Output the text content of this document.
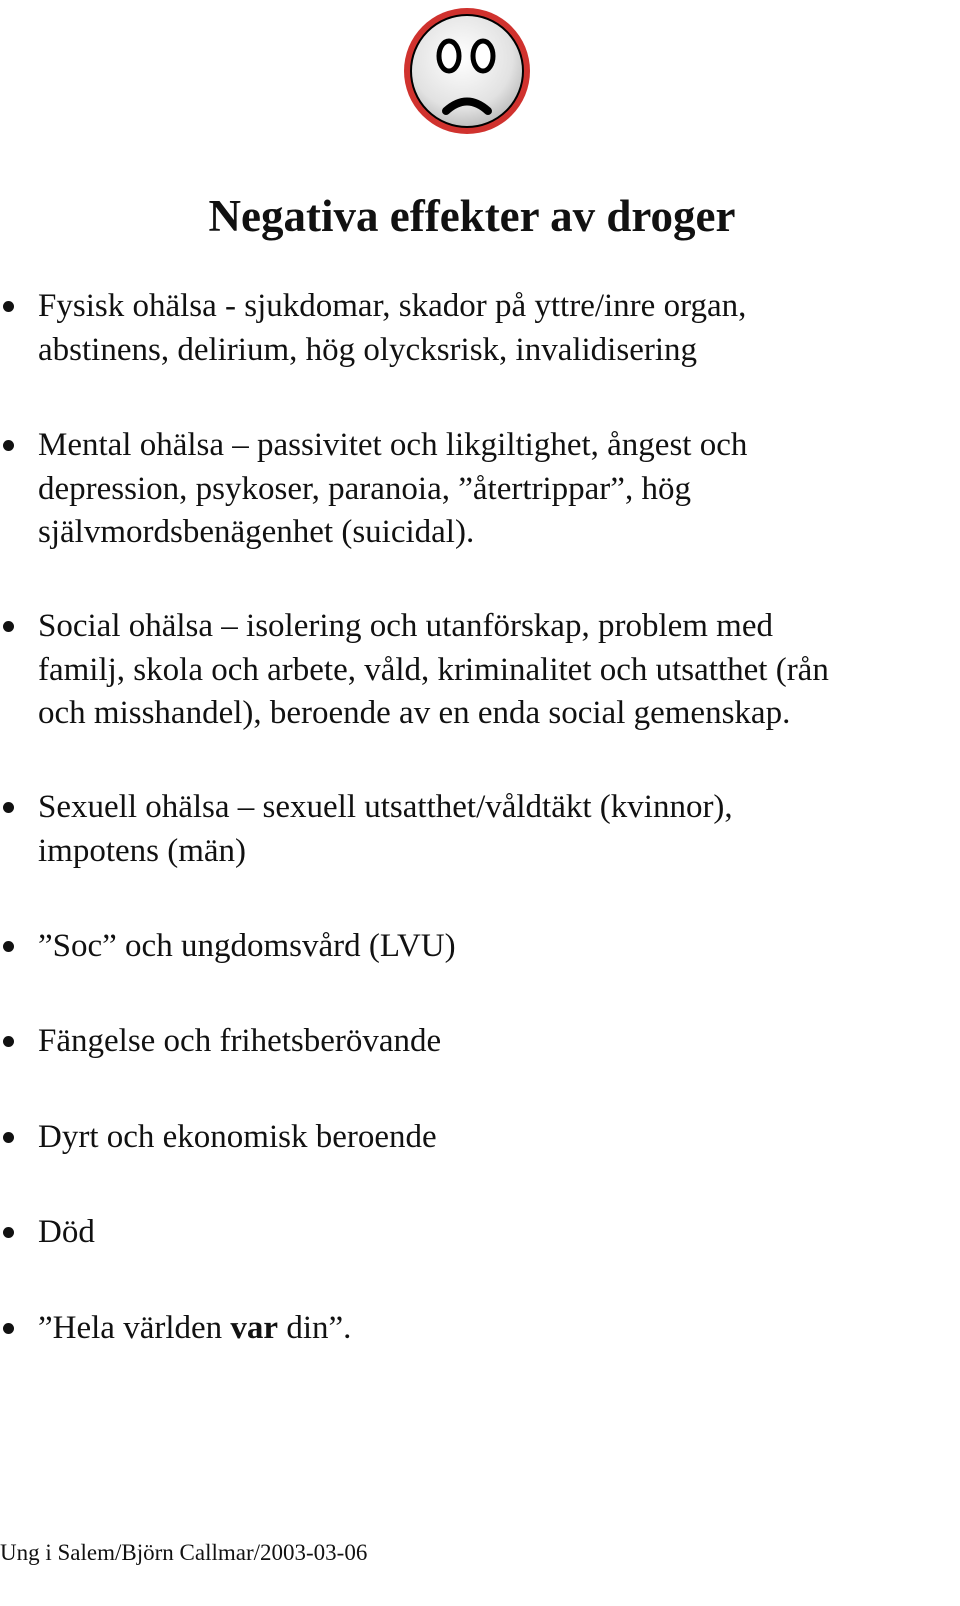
Negativa effekter av droger
Fysisk ohälsa - sjukdomar, skador på yttre/inre organ,
abstinens, delirium, hög olycksrisk, invalidisering
Mental ohälsa – passivitet och likgiltighet, ångest och
depression, psykoser, paranoia, ”återtrippar”, hög
självmordsbenägenhet (suicidal).
Social ohälsa – isolering och utanförskap, problem med
familj, skola och arbete, våld, kriminalitet och utsatthet (rån
och misshandel), beroende av en enda social gemenskap.
Sexuell ohälsa – sexuell utsatthet/våldtäkt (kvinnor),
impotens (män)
”Soc” och ungdomsvård (LVU)
Fängelse och frihetsberövande
Dyrt och ekonomisk beroende
Död
”Hela världen var din”.
Ung i Salem/Björn Callmar/2003-03-06
